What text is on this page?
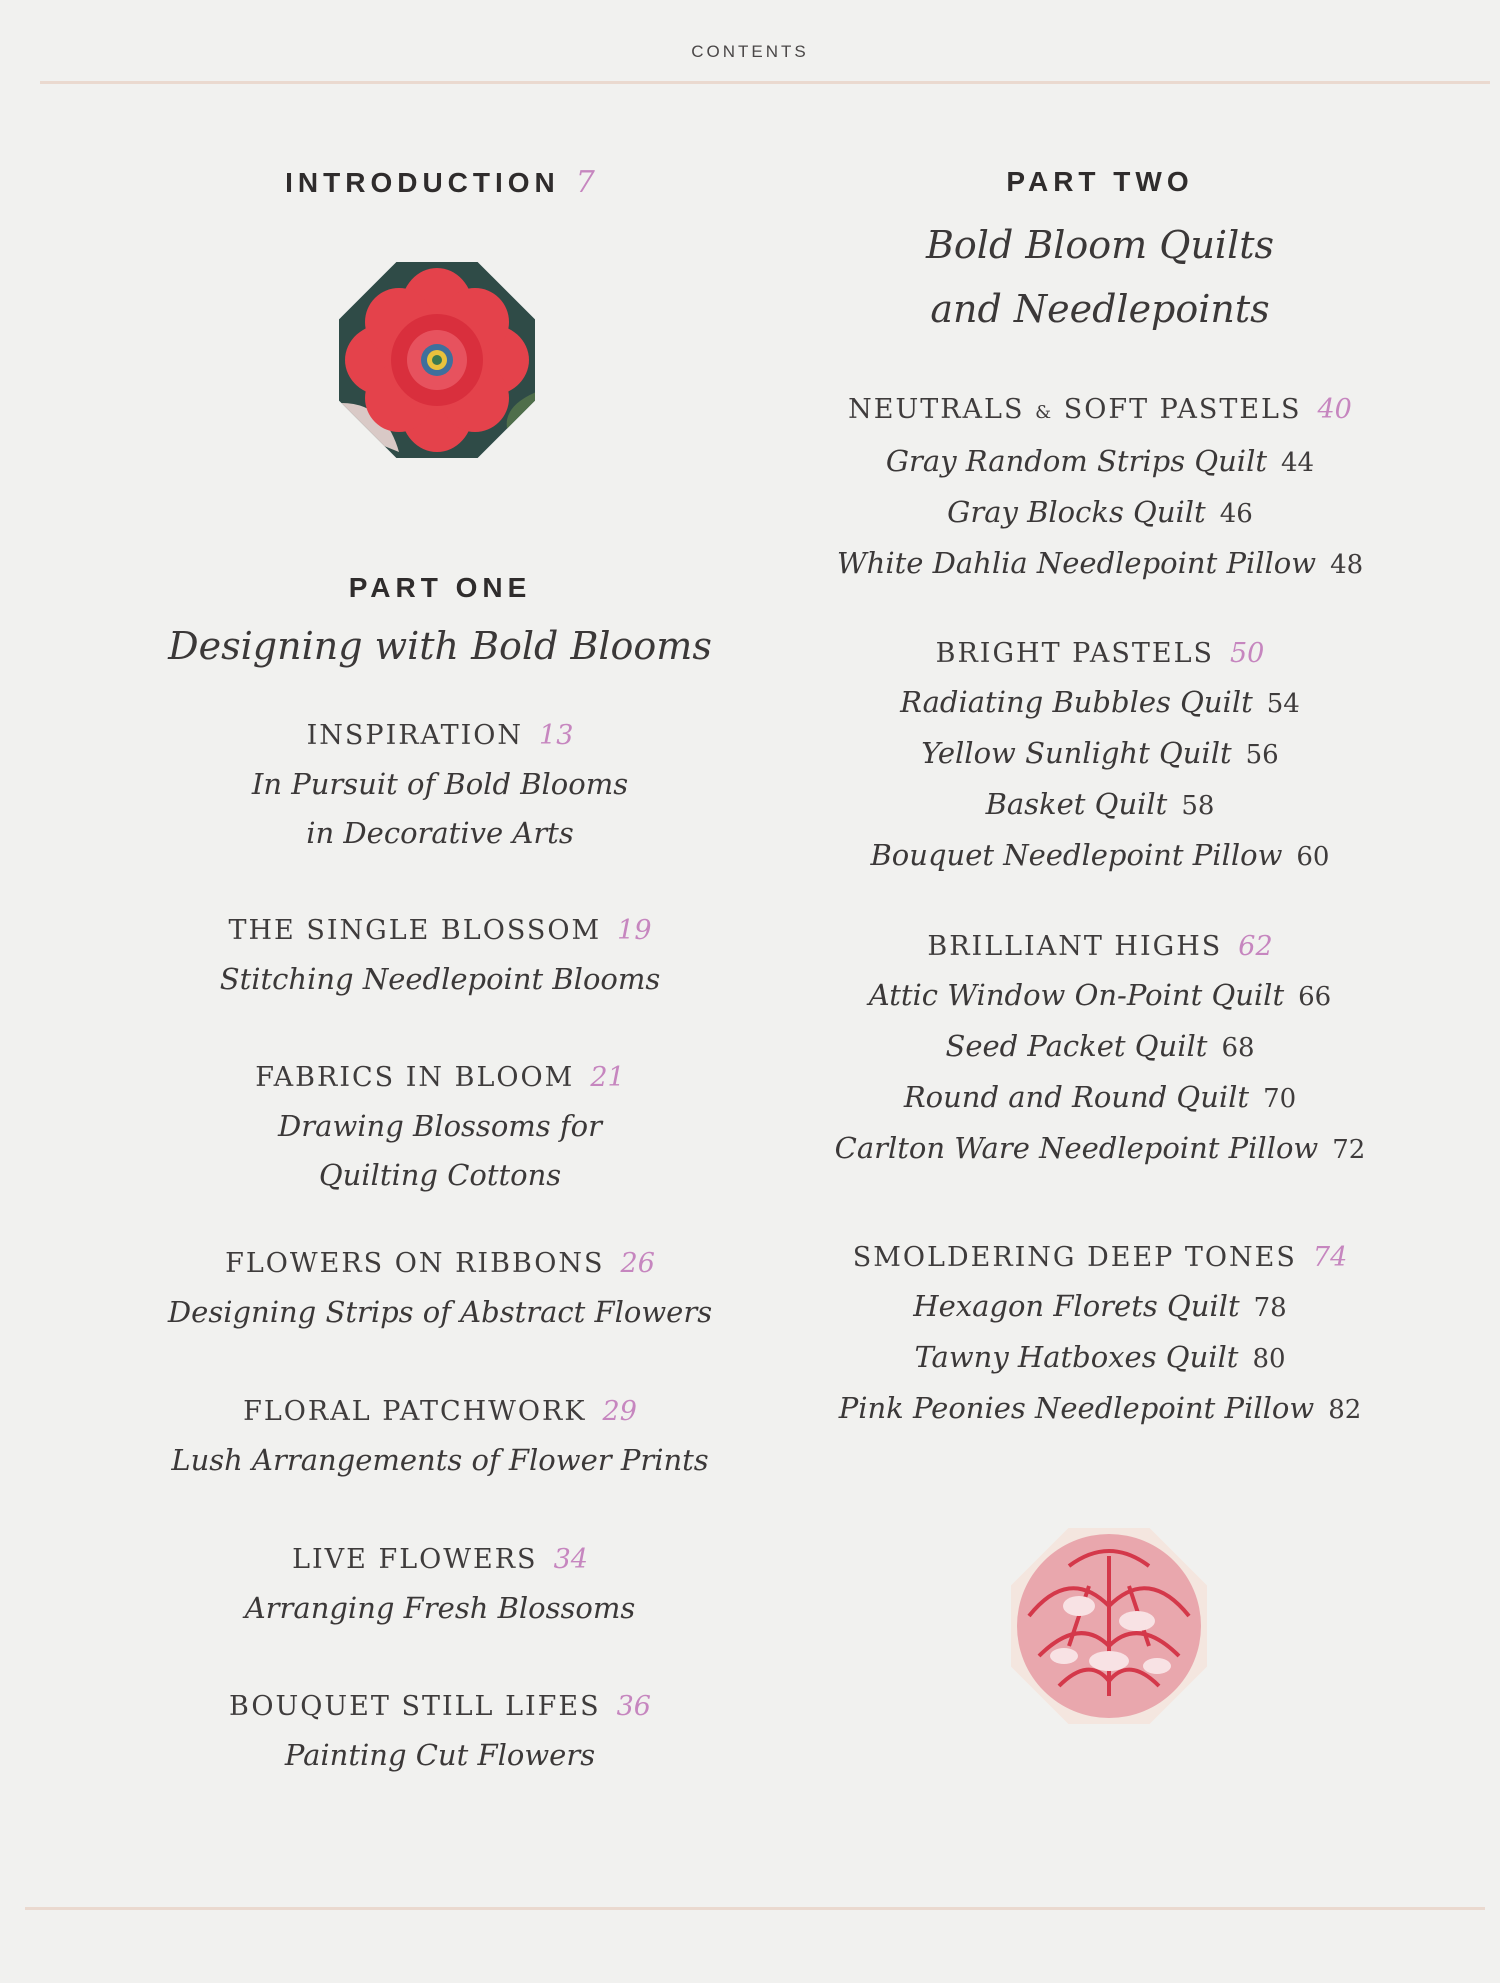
CONTENTS
INTRODUCTION 7
PART ONE
Designing with Bold Blooms
INSPIRATION 13
In Pursuit of Bold Blooms
in Decorative Arts
THE SINGLE BLOSSOM 19
Stitching Needlepoint Blooms
FABRICS IN BLOOM 21
Drawing Blossoms for
Quilting Cottons
FLOWERS ON RIBBONS 26
Designing Strips of Abstract Flowers
FLORAL PATCHWORK 29
Lush Arrangements of Flower Prints
LIVE FLOWERS 34
Arranging Fresh Blossoms
BOUQUET STILL LIFES 36
Painting Cut Flowers
PART TWO
Bold Bloom Quilts
and Needlepoints
NEUTRALS & SOFT PASTELS 40
Gray Random Strips Quilt 44
Gray Blocks Quilt 46
White Dahlia Needlepoint Pillow 48
BRIGHT PASTELS 50
Radiating Bubbles Quilt 54
Yellow Sunlight Quilt 56
Basket Quilt 58
Bouquet Needlepoint Pillow 60
BRILLIANT HIGHS 62
Attic Window On-Point Quilt 66
Seed Packet Quilt 68
Round and Round Quilt 70
Carlton Ware Needlepoint Pillow 72
SMOLDERING DEEP TONES 74
Hexagon Florets Quilt 78
Tawny Hatboxes Quilt 80
Pink Peonies Needlepoint Pillow 82
